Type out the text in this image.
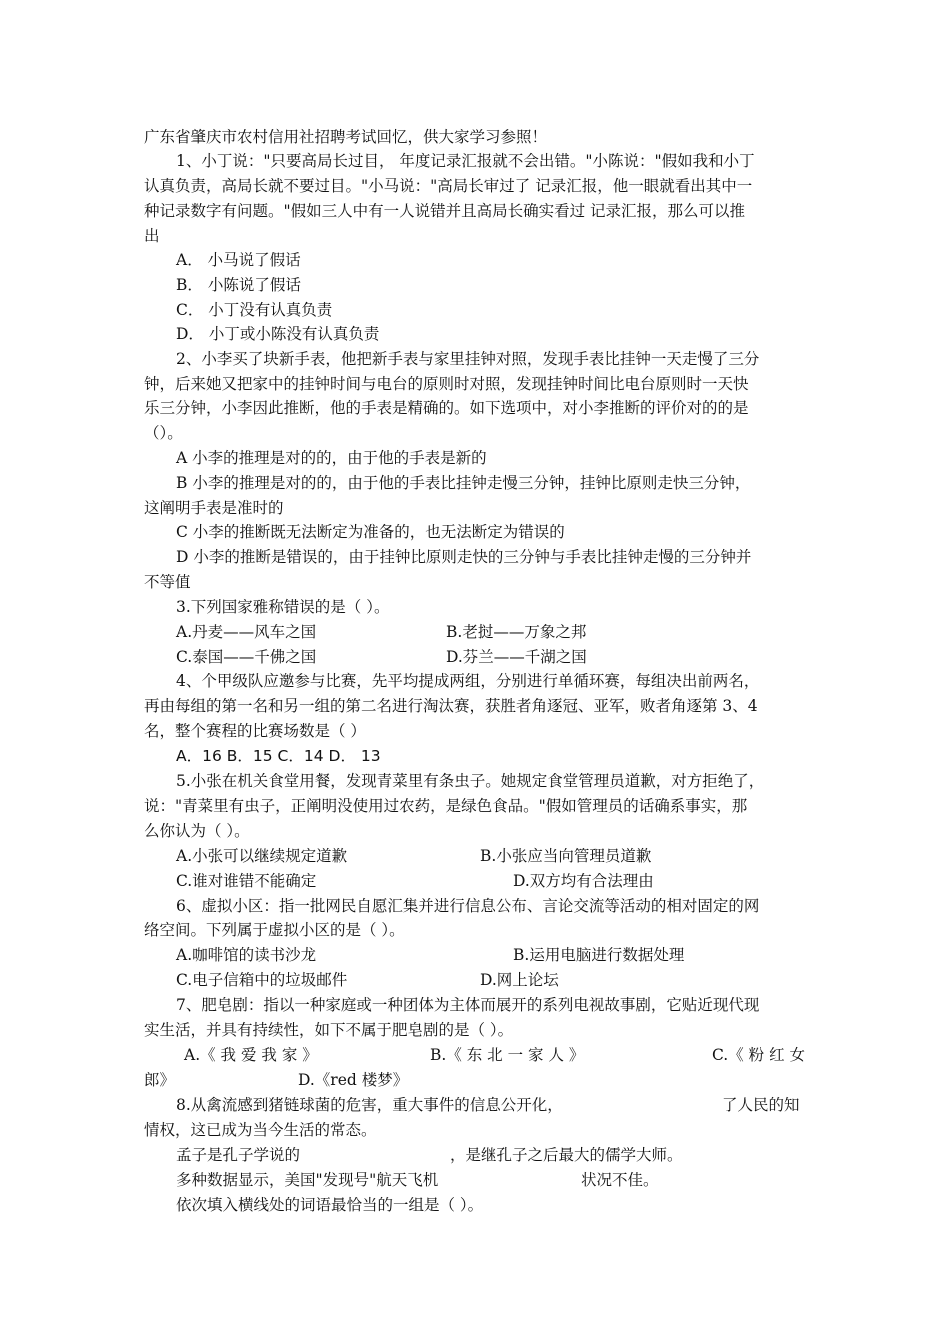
广东省肇庆市农村信用社招聘考试回忆，供大家学习参照！
1、小丁说："只要高局长过目， 年度记录汇报就不会出错。"小陈说："假如我和小丁
认真负责，高局长就不要过目。"小马说："高局长审过了 记录汇报，他一眼就看出其中一
种记录数字有问题。"假如三人中有一人说错并且高局长确实看过 记录汇报，那么可以推
出
A． 小马说了假话
B． 小陈说了假话
C． 小丁没有认真负责
D． 小丁或小陈没有认真负责
2、小李买了块新手表，他把新手表与家里挂钟对照，发现手表比挂钟一天走慢了三分
钟，后来她又把家中的挂钟时间与电台的原则时对照，发现挂钟时间比电台原则时一天快
乐三分钟，小李因此推断，他的手表是精确的。如下选项中，对小李推断的评价对的的是
（）。
A 小李的推理是对的的，由于他的手表是新的
B 小李的推理是对的的，由于他的手表比挂钟走慢三分钟，挂钟比原则走快三分钟，
这阐明手表是准时的
C 小李的推断既无法断定为准备的，也无法断定为错误的
D 小李的推断是错误的，由于挂钟比原则走快的三分钟与手表比挂钟走慢的三分钟并
不等值
3.下列国家雅称错误的是（ ）。
A.丹麦——风车之国	B.老挝——万象之邦
C.泰国——千佛之国	D.芬兰——千湖之国
4、个甲级队应邀参与比赛，先平均提成两组，分别进行单循环赛，每组决出前两名，
再由每组的第一名和另一组的第二名进行淘汰赛，获胜者角逐冠、亚军，败者角逐第 3、4
名，整个赛程的比赛场数是（ ）
A．16 B．15 C．14 D． 13
5.小张在机关食堂用餐，发现青菜里有条虫子。她规定食堂管理员道歉，对方拒绝了，
说："青菜里有虫子，正阐明没使用过农药，是绿色食品。"假如管理员的话确系事实，那
么你认为（ ）。
A.小张可以继续规定道歉	B.小张应当向管理员道歉
C.谁对谁错不能确定	D.双方均有合法理由
6、虚拟小区：指一批网民自愿汇集并进行信息公布、言论交流等活动的相对固定的网
络空间。下列属于虚拟小区的是（ ）。
A.咖啡馆的读书沙龙	B.运用电脑进行数据处理
C.电子信箱中的垃圾邮件	D.网上论坛
7、肥皂剧：指以一种家庭或一种团体为主体而展开的系列电视故事剧，它贴近现代现
实生活，并具有持续性，如下不属于肥皂剧的是（ ）。
A.《 我 爱 我 家 》	B.《 东 北 一 家 人 》	C.《 粉 红 女
郎》	D.《red 楼梦》
8.从禽流感到猪链球菌的危害，重大事件的信息公开化，	了人民的知
情权，这已成为当今生活的常态。
孟子是孔子学说的	，是继孔子之后最大的儒学大师。
多种数据显示，美国"发现号"航天飞机	状况不佳。
依次填入横线处的词语最恰当的一组是（ ）。
